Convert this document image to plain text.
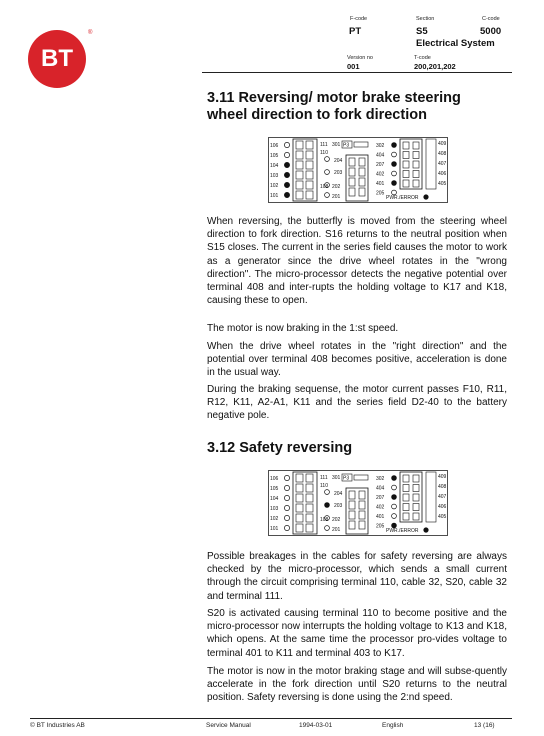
BT
®
F-code
PT
Section
S5
C-code
5000
Electrical System
Version no
001
T-code
200,201,202
3.11 Reversing/ motor brake steering
wheel direction to fork direction
106
105
104
103
102
101
111
110
301 P3
204
203
108 202
201
302
404
207
402
401
205
409
408
407
406
405
PWR./ERROR

When reversing, the butterfly is moved from the steering wheel direction to fork direction. S16 returns to the neutral position when S15 closes. The current in the series field causes the motor to work as a generator since the drive wheel rotates in the "wrong direction". The micro-processor detects the negative potential over terminal 408 and inter-rupts the holding voltage to K17 and K18, causing these to open.

The motor is now braking in the 1:st speed.

When the drive wheel rotates in the "right direction" and the potential over terminal 408 becomes positive, acceleration is done in the usual way.

During the braking sequense, the motor current passes F10, R11, R12, K11, A2-A1, K11 and the series field D2-40 to the battery negative pole.

3.12 Safety reversing
106
105
104
103
102
101
111
110
301 P3
204
203
108 202
201
302
404
207
402
401
205
409
408
407
406
405
PWR./ERROR

Possible breakages in the cables for safety reversing are always checked by the micro-processor, which sends a small current through the circuit comprising terminal 110, cable 32, S20, cable 32 and terminal 111.

S20 is activated causing terminal 110 to become positive and the micro-processor now interrupts the holding voltage to K13 and K18, which opens. At the same time the processor pro-vides voltage to terminal 401 to K11 and terminal 403 to K17.

The motor is now in the motor braking stage and will subse-quently accelerate in the fork direction until S20 returns to the neutral position. Safety reversing is done using the 2:nd speed.

© BT Industries AB	Service Manual	1994-03-01	English	13 (16)
